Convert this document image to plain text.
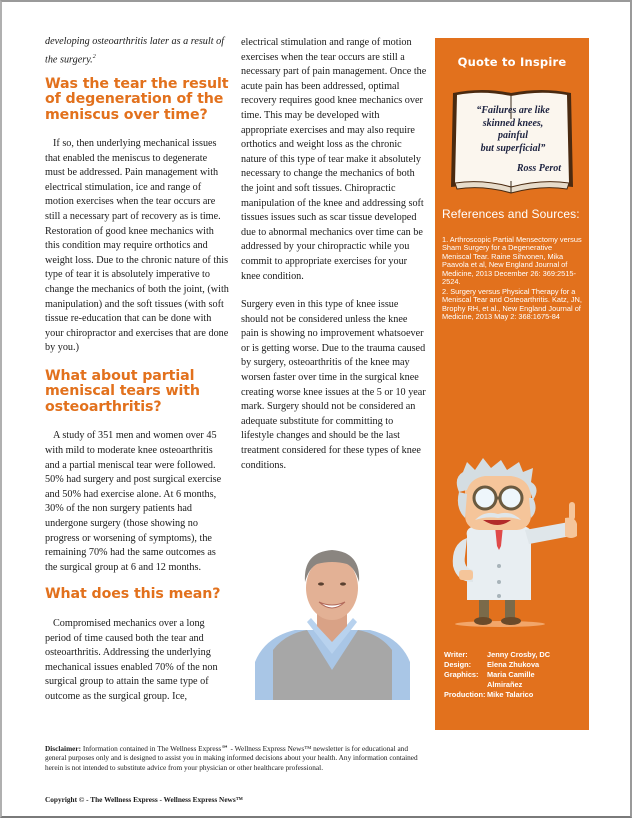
developing osteoarthritis later as a result of the surgery.$^2$

Was the tear the result of degeneration of the meniscus over time?

If so, then underlying mechanical issues that enabled the meniscus to degenerate must be addressed. Pain management with electrical stimulation, ice and range of motion exercises when the tear occurs are still a necessary part of recovery as is time. Restoration of good knee mechanics with this condition may require orthotics and weight loss. Due to the chronic nature of this type of tear it is absolutely imperative to change the mechanics of both the joint, (with manipulation) and the soft tissues (with soft tissue re-education that can be done with your chiropractor and exercises that are done by you.)

What about partial meniscal tears with osteoarthritis?

A study of 351 men and women over 45 with mild to moderate knee osteoarthritis and a partial meniscal tear were followed. 50% had surgery and post surgical exercise and 50% had exercise alone. At 6 months, 30% of the non surgery patients had undergone surgery (those showing no progress or worsening of symptoms), the remaining 70% had the same outcomes as the surgical group at 6 and 12 months.

What does this mean?

Compromised mechanics over a long period of time caused both the tear and osteoarthritis. Addressing the underlying mechanical issues enabled 70% of the non surgical group to attain the same type of outcome as the surgical group. Ice,

electrical stimulation and range of motion exercises when the tear occurs are still a necessary part of pain management. Once the acute pain has been addressed, optimal recovery requires good knee mechanics over time. This may be developed with appropriate exercises and may also require orthotics and weight loss as the chronic nature of this type of tear make it absolutely necessary to change the mechanics of both the joint and soft tissues. Chiropractic manipulation of the knee and addressing soft tissues issues such as scar tissue developed due to abnormal mechanics over time can be addressed by your chiropractic while you commit to appropriate exercises for your knee condition.

Surgery even in this type of knee issue should not be considered unless the knee pain is showing no improvement whatsoever or is getting worse. Due to the trauma caused by surgery, osteoarthritis of the knee may worsen faster over time in the surgical knee creating worse knee issues at the 5 or 10 year mark. Surgery should not be considered an adequate substitute for committing to lifestyle changes and should be the last treatment considered for these types of knee conditions.

Quote to Inspire
“Failures are like
skinned knees,
painful
but superficial”
Ross Perot
References and Sources:
1. Arthroscopic Partial Mensectomy versus Sham Surgery for a Degenerative Meniscal Tear. Raine Sihvonen, Mika Paavola et al, New England Journal of Medicine, 2013 December 26: 369:2515-2524.
2. Surgery versus Physical Therapy for a Meniscal Tear and Osteoarthritis. Katz, JN, Brophy RH, et al., New England Journal of Medicine, 2013 May 2: 368:1675-84
Writer:	Jenny Crosby, DC
Design:	Elena Zhukova
Graphics:	Maria Camille Almirañez
Production: Mike Talarico
Disclaimer: Information contained in The Wellness Express℠ - Wellness Express News™ newsletter is for educational and general purposes only and is designed to assist you in making informed decisions about your health. Any information contained herein is not intended to substitute advice from your physician or other healthcare professional.
Copyright © - The Wellness Express - Wellness Express News™
